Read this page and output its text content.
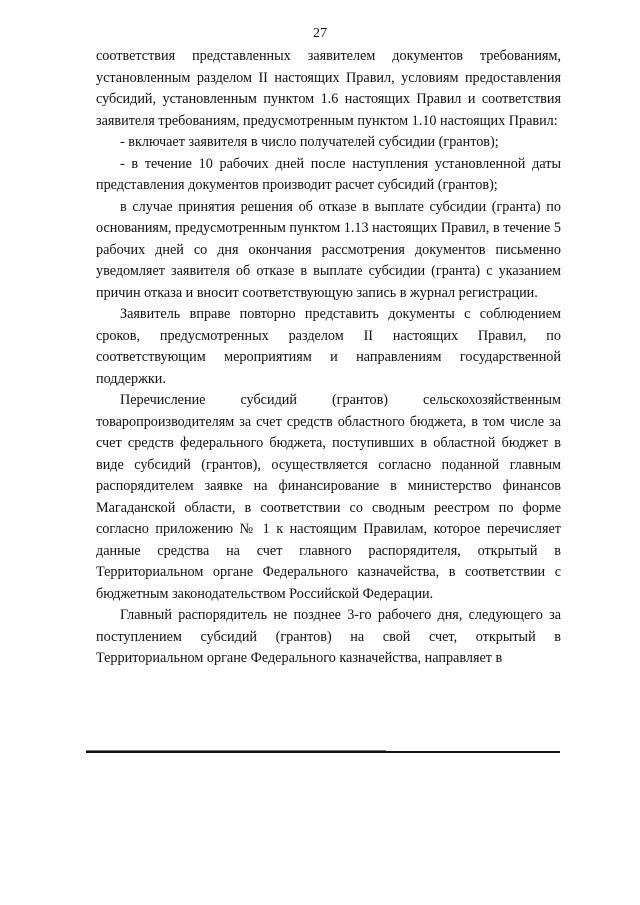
27

соответствия представленных заявителем документов требованиям, установленным разделом II настоящих Правил, условиям предоставления субсидий, установленным пунктом 1.6 настоящих Правил и соответствия заявителя требованиям, предусмотренным пунктом 1.10 настоящих Правил:

- включает заявителя в число получателей субсидии (грантов);

- в течение 10 рабочих дней после наступления установленной даты представления документов производит расчет субсидий (грантов);

в случае принятия решения об отказе в выплате субсидии (гранта) по основаниям, предусмотренным пунктом 1.13 настоящих Правил, в течение 5 рабочих дней со дня окончания рассмотрения документов письменно уведомляет заявителя об отказе в выплате субсидии (гранта) с указанием причин отказа и вносит соответствующую запись в журнал регистрации.

Заявитель вправе повторно представить документы с соблюдением сроков, предусмотренных разделом II настоящих Правил, по соответствующим мероприятиям и направлениям государственной поддержки.

Перечисление субсидий (грантов) сельскохозяйственным товаропроизводителям за счет средств областного бюджета, в том числе за счет средств федерального бюджета, поступивших в областной бюджет в виде субсидий (грантов), осуществляется согласно поданной главным распорядителем заявке на финансирование в министерство финансов Магаданской области, в соответствии со сводным реестром по форме согласно приложению № 1 к настоящим Правилам, которое перечисляет данные средства на счет главного распорядителя, открытый в Территориальном органе Федерального казначейства, в соответствии с бюджетным законодательством Российской Федерации.

Главный распорядитель не позднее 3-го рабочего дня, следующего за поступлением субсидий (грантов) на свой счет, открытый в Территориальном органе Федерального казначейства, направляет в
